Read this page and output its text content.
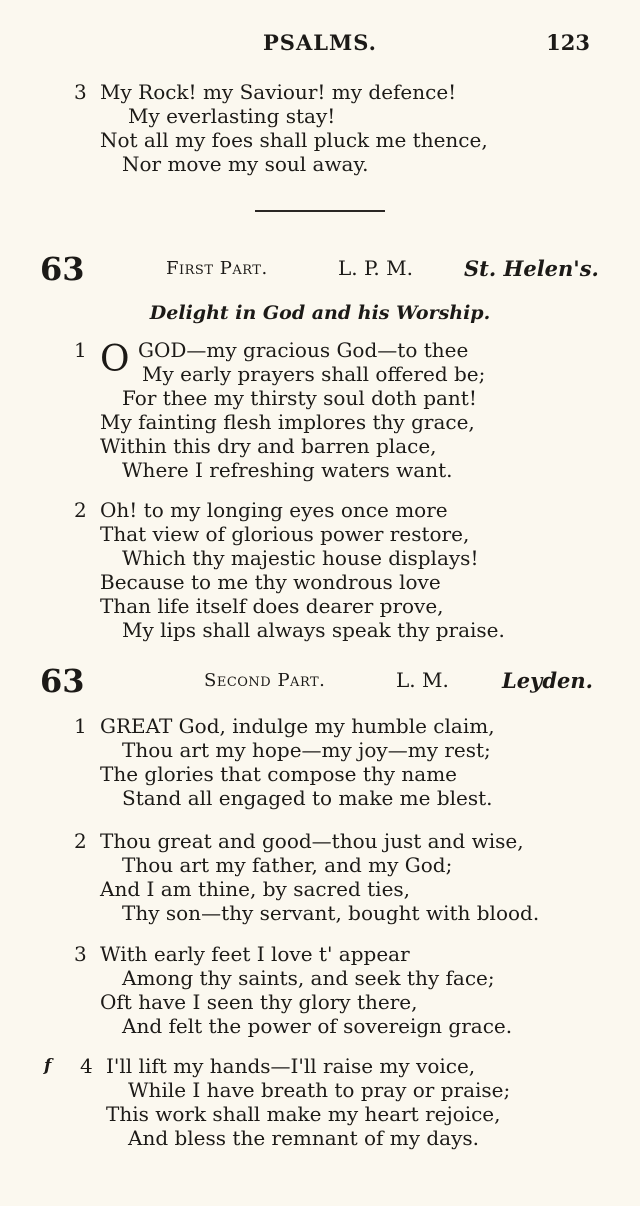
PSALMS.	123
3 My Rock! my Saviour! my defence!
My everlasting stay!
Not all my foes shall pluck me thence,
Nor move my soul away.
63	First Part.	L. P. M. St. Helen's.
Delight in God and his Worship.
O
1	GOD—my gracious God—to thee
My early prayers shall offered be;
For thee my thirsty soul doth pant!
My fainting flesh implores thy grace,
Within this dry and barren place,
Where I refreshing waters want.
2 Oh! to my longing eyes once more
That view of glorious power restore,
Which thy majestic house displays!
Because to me thy wondrous love
Than life itself does dearer prove,
My lips shall always speak thy praise.
63	Second Part.	L. M.	Leyden.
1 GREAT God, indulge my humble claim,
Thou art my hope—my joy—my rest;
The glories that compose thy name
Stand all engaged to make me blest.
2 Thou great and good—thou just and wise,
Thou art my father, and my God;
And I am thine, by sacred ties,
Thy son—thy servant, bought with blood.
3 With early feet I love t' appear
Among thy saints, and seek thy face;
Oft have I seen thy glory there,
And felt the power of sovereign grace.
f 4 I'll lift my hands—I'll raise my voice,
While I have breath to pray or praise;
This work shall make my heart rejoice,
And bless the remnant of my days.
